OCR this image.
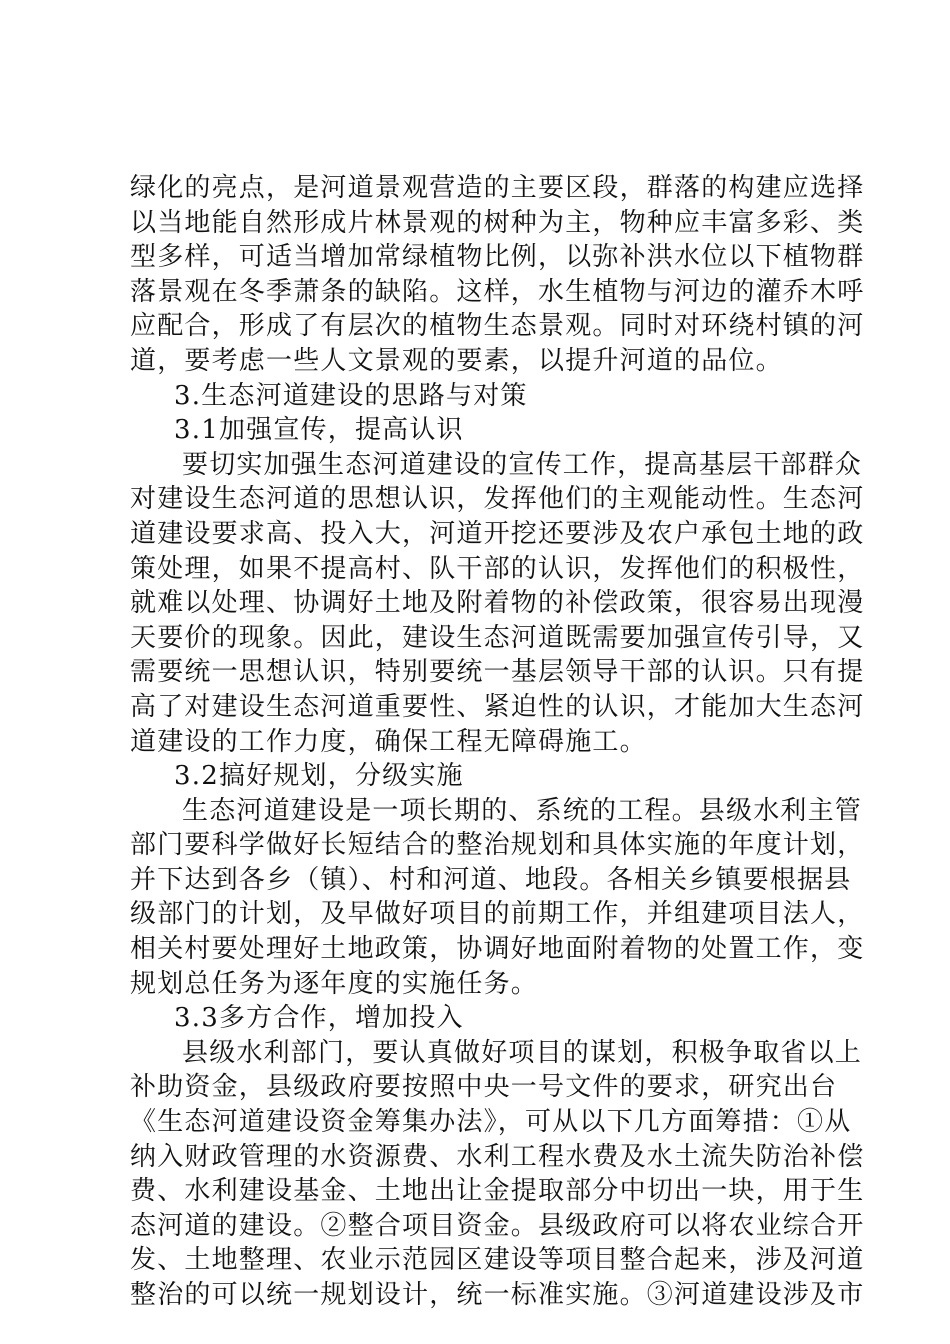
绿化的亮点，是河道景观营造的主要区段，群落的构建应选择
以当地能自然形成片林景观的树种为主，物种应丰富多彩、类
型多样，可适当增加常绿植物比例，以弥补洪水位以下植物群
落景观在冬季萧条的缺陷。这样，水生植物与河边的灌乔木呼
应配合，形成了有层次的植物生态景观。同时对环绕村镇的河
道，要考虑一些人文景观的要素，以提升河道的品位。
3.生态河道建设的思路与对策
3.1加强宣传，提高认识
要切实加强生态河道建设的宣传工作，提高基层干部群众
对建设生态河道的思想认识，发挥他们的主观能动性。生态河
道建设要求高、投入大，河道开挖还要涉及农户承包土地的政
策处理，如果不提高村、队干部的认识，发挥他们的积极性，
就难以处理、协调好土地及附着物的补偿政策，很容易出现漫
天要价的现象。因此，建设生态河道既需要加强宣传引导，又
需要统一思想认识，特别要统一基层领导干部的认识。只有提
高了对建设生态河道重要性、紧迫性的认识，才能加大生态河
道建设的工作力度，确保工程无障碍施工。
3.2搞好规划，分级实施
生态河道建设是一项长期的、系统的工程。县级水利主管
部门要科学做好长短结合的整治规划和具体实施的年度计划，
并下达到各乡（镇）、村和河道、地段。各相关乡镇要根据县
级部门的计划，及早做好项目的前期工作，并组建项目法人，
相关村要处理好土地政策，协调好地面附着物的处置工作，变
规划总任务为逐年度的实施任务。
3.3多方合作，增加投入
县级水利部门，要认真做好项目的谋划，积极争取省以上
补助资金，县级政府要按照中央一号文件的要求，研究出台
《生态河道建设资金筹集办法》，可从以下几方面筹措：①从
纳入财政管理的水资源费、水利工程水费及水土流失防治补偿
费、水利建设基金、土地出让金提取部分中切出一块，用于生
态河道的建设。②整合项目资金。县级政府可以将农业综合开
发、土地整理、农业示范园区建设等项目整合起来，涉及河道
整治的可以统一规划设计，统一标准实施。③河道建设涉及市
